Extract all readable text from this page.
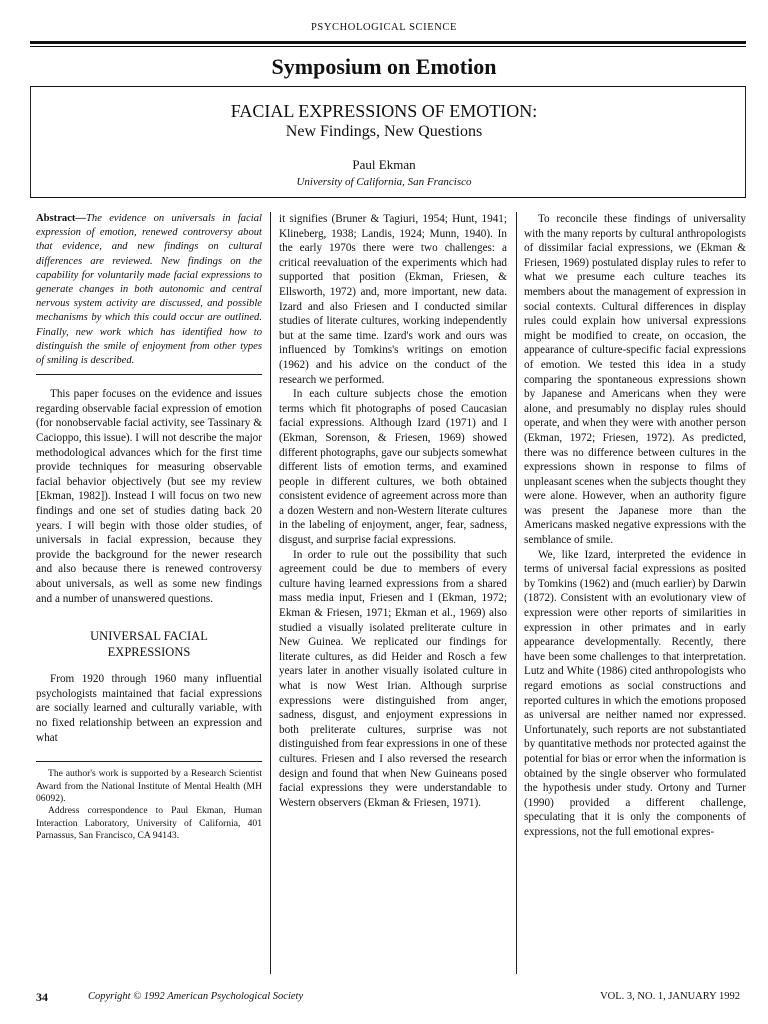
PSYCHOLOGICAL SCIENCE
Symposium on Emotion
FACIAL EXPRESSIONS OF EMOTION:
New Findings, New Questions
Paul Ekman
University of California, San Francisco

Abstract—The evidence on universals in facial expression of emotion, renewed controversy about that evidence, and new findings on cultural differences are reviewed. New findings on the capability for voluntarily made facial expressions to generate changes in both autonomic and central nervous system activity are discussed, and possible mechanisms by which this could occur are outlined. Finally, new work which has identified how to distinguish the smile of enjoyment from other types of smiling is described.

This paper focuses on the evidence and issues regarding observable facial expression of emotion (for nonobservable facial activity, see Tassinary & Cacioppo, this issue). I will not describe the major methodological advances which for the first time provide techniques for measuring observable facial behavior objectively (but see my review [Ekman, 1982]). Instead I will focus on two new findings and one set of studies dating back 20 years. I will begin with those older studies, of universals in facial expression, because they provide the background for the newer research and also because there is renewed controversy about universals, as well as some new findings and a number of unanswered questions.

UNIVERSAL FACIAL
EXPRESSIONS

From 1920 through 1960 many influential psychologists maintained that facial expressions are socially learned and culturally variable, with no fixed relationship between an expression and what

The author's work is supported by a Research Scientist Award from the National Institute of Mental Health (MH 06092).

Address correspondence to Paul Ekman, Human Interaction Laboratory, University of California, 401 Parnassus, San Francisco, CA 94143.

it signifies (Bruner & Tagiuri, 1954; Hunt, 1941; Klineberg, 1938; Landis, 1924; Munn, 1940). In the early 1970s there were two challenges: a critical reevaluation of the experiments which had supported that position (Ekman, Friesen, & Ellsworth, 1972) and, more important, new data. Izard and also Friesen and I conducted similar studies of literate cultures, working independently but at the same time. Izard's work and ours was influenced by Tomkins's writings on emotion (1962) and his advice on the conduct of the research we performed.

In each culture subjects chose the emotion terms which fit photographs of posed Caucasian facial expressions. Although Izard (1971) and I (Ekman, Sorenson, & Friesen, 1969) showed different photographs, gave our subjects somewhat different lists of emotion terms, and examined people in different cultures, we both obtained consistent evidence of agreement across more than a dozen Western and non-Western literate cultures in the labeling of enjoyment, anger, fear, sadness, disgust, and surprise facial expressions.

In order to rule out the possibility that such agreement could be due to members of every culture having learned expressions from a shared mass media input, Friesen and I (Ekman, 1972; Ekman & Friesen, 1971; Ekman et al., 1969) also studied a visually isolated preliterate culture in New Guinea. We replicated our findings for literate cultures, as did Heider and Rosch a few years later in another visually isolated culture in what is now West Irian. Although surprise expressions were distinguished from anger, sadness, disgust, and enjoyment expressions in both preliterate cultures, surprise was not distinguished from fear expressions in one of these cultures. Friesen and I also reversed the research design and found that when New Guineans posed facial expressions they were understandable to Western observers (Ekman & Friesen, 1971).

To reconcile these findings of universality with the many reports by cultural anthropologists of dissimilar facial expressions, we (Ekman & Friesen, 1969) postulated display rules to refer to what we presume each culture teaches its members about the management of expression in social contexts. Cultural differences in display rules could explain how universal expressions might be modified to create, on occasion, the appearance of culture-specific facial expressions of emotion. We tested this idea in a study comparing the spontaneous expressions shown by Japanese and Americans when they were alone, and presumably no display rules should operate, and when they were with another person (Ekman, 1972; Friesen, 1972). As predicted, there was no difference between cultures in the expressions shown in response to films of unpleasant scenes when the subjects thought they were alone. However, when an authority figure was present the Japanese more than the Americans masked negative expressions with the semblance of smile.

We, like Izard, interpreted the evidence in terms of universal facial expressions as posited by Tomkins (1962) and (much earlier) by Darwin (1872). Consistent with an evolutionary view of expression were other reports of similarities in expression in other primates and in early appearance developmentally. Recently, there have been some challenges to that interpretation. Lutz and White (1986) cited anthropologists who regard emotions as social constructions and reported cultures in which the emotions proposed as universal are neither named nor expressed. Unfortunately, such reports are not substantiated by quantitative methods nor protected against the potential for bias or error when the information is obtained by the single observer who formulated the hypothesis under study. Ortony and Turner (1990) provided a different challenge, speculating that it is only the components of expressions, not the full emotional expres-

34	Copyright © 1992 American Psychological Society	VOL. 3, NO. 1, JANUARY 1992
